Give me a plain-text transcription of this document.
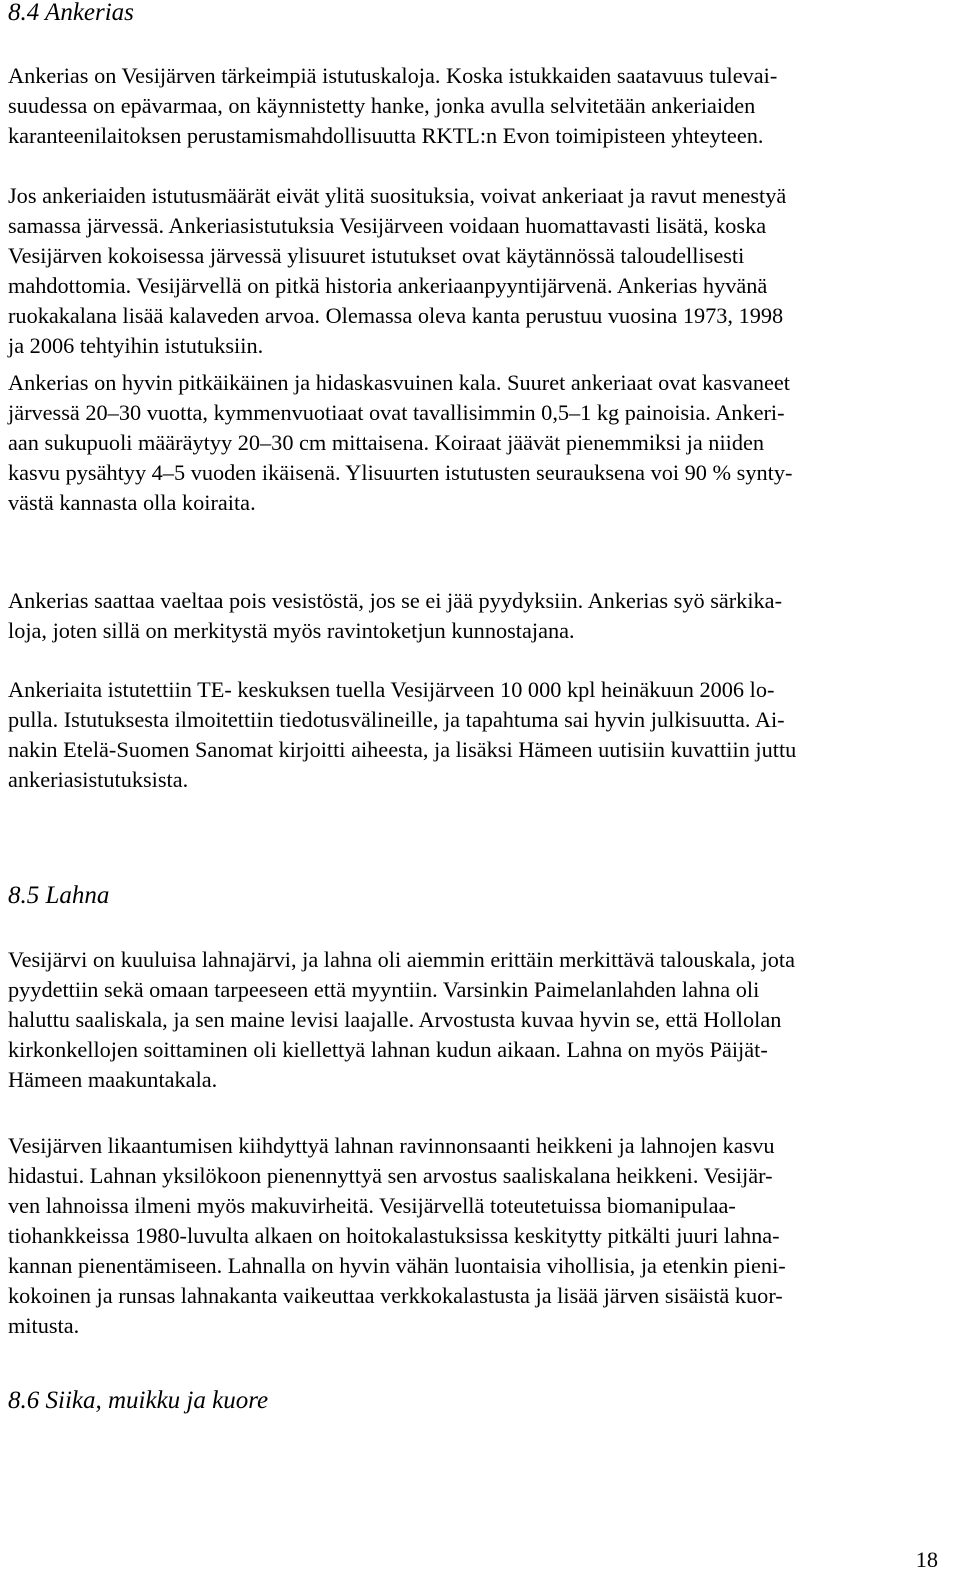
8.4 Ankerias

Ankerias on Vesijärven tärkeimpiä istutuskaloja. Koska istukkaiden saatavuus tulevai-
suudessa on epävarmaa, on käynnistetty hanke, jonka avulla selvitetään ankeriaiden
karanteenilaitoksen perustamismahdollisuutta RKTL:n Evon toimipisteen yhteyteen.

Jos ankeriaiden istutusmäärät eivät ylitä suosituksia, voivat ankeriaat ja ravut menestyä
samassa järvessä. Ankeriasistutuksia Vesijärveen voidaan huomattavasti lisätä, koska
Vesijärven kokoisessa järvessä ylisuuret istutukset ovat käytännössä taloudellisesti
mahdottomia. Vesijärvellä on pitkä historia ankeriaanpyyntijärvenä. Ankerias hyvänä
ruokakalana lisää kalaveden arvoa. Olemassa oleva kanta perustuu vuosina 1973, 1998
ja 2006 tehtyihin istutuksiin.

Ankerias on hyvin pitkäikäinen ja hidaskasvuinen kala. Suuret ankeriaat ovat kasvaneet
järvessä 20–30 vuotta, kymmenvuotiaat ovat tavallisimmin 0,5–1 kg painoisia. Ankeri-
aan sukupuoli määräytyy 20–30 cm mittaisena. Koiraat jäävät pienemmiksi ja niiden
kasvu pysähtyy 4–5 vuoden ikäisenä. Ylisuurten istutusten seurauksena voi 90 % synty-
västä kannasta olla koiraita.

Ankerias saattaa vaeltaa pois vesistöstä, jos se ei jää pyydyksiin. Ankerias syö särkika-
loja, joten sillä on merkitystä myös ravintoketjun kunnostajana.

Ankeriaita istutettiin TE- keskuksen tuella Vesijärveen 10 000 kpl heinäkuun 2006 lo-
pulla. Istutuksesta ilmoitettiin tiedotusvälineille, ja tapahtuma sai hyvin julkisuutta. Ai-
nakin Etelä-Suomen Sanomat kirjoitti aiheesta, ja lisäksi Hämeen uutisiin kuvattiin juttu
ankeriasistutuksista.

8.5 Lahna

Vesijärvi on kuuluisa lahnajärvi, ja lahna oli aiemmin erittäin merkittävä talouskala, jota
pyydettiin sekä omaan tarpeeseen että myyntiin. Varsinkin Paimelanlahden lahna oli
haluttu saaliskala, ja sen maine levisi laajalle. Arvostusta kuvaa hyvin se, että Hollolan
kirkonkellojen soittaminen oli kiellettyä lahnan kudun aikaan. Lahna on myös Päijät-
Hämeen maakuntakala.

Vesijärven likaantumisen kiihdyttyä lahnan ravinnonsaanti heikkeni ja lahnojen kasvu
hidastui. Lahnan yksilökoon pienennyttyä sen arvostus saaliskalana heikkeni. Vesijär-
ven lahnoissa ilmeni myös makuvirheitä. Vesijärvellä toteutetuissa biomanipulaa-
tiohankkeissa 1980-luvulta alkaen on hoitokalastuksissa keskitytty pitkälti juuri lahna-
kannan pienentämiseen. Lahnalla on hyvin vähän luontaisia vihollisia, ja etenkin pieni-
kokoinen ja runsas lahnakanta vaikeuttaa verkkokalastusta ja lisää järven sisäistä kuor-
mitusta.

8.6 Siika, muikku ja kuore

18
